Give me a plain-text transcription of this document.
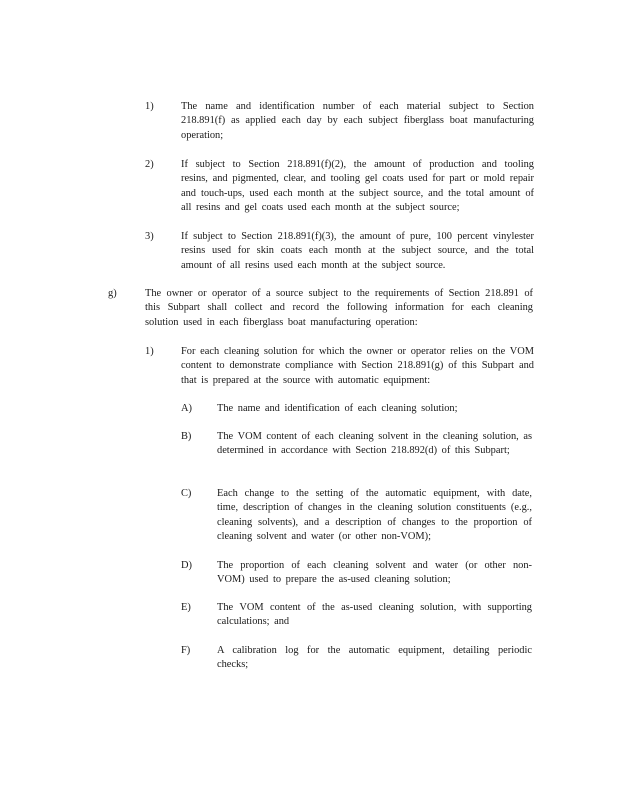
1)	The name and identification number of each material subject to Section 218.891(f) as applied each day by each subject fiberglass boat manufacturing operation;
2)	If subject to Section 218.891(f)(2), the amount of production and tooling resins, and pigmented, clear, and tooling gel coats used for part or mold repair and touch-ups, used each month at the subject source, and the total amount of all resins and gel coats used each month at the subject source;
3)	If subject to Section 218.891(f)(3), the amount of pure, 100 percent vinylester resins used for skin coats each month at the subject source, and the total amount of all resins used each month at the subject source.
g)	The owner or operator of a source subject to the requirements of Section 218.891 of this Subpart shall collect and record the following information for each cleaning solution used in each fiberglass boat manufacturing operation:
1)	For each cleaning solution for which the owner or operator relies on the VOM content to demonstrate compliance with Section 218.891(g) of this Subpart and that is prepared at the source with automatic equipment:
A) The name and identification of each cleaning solution;
B) The VOM content of each cleaning solvent in the cleaning solution, as determined in accordance with Section 218.892(d) of this Subpart;
C) Each change to the setting of the automatic equipment, with date, time, description of changes in the cleaning solution constituents (e.g., cleaning solvents), and a description of changes to the proportion of cleaning solvent and water (or other non-VOM);
D) The proportion of each cleaning solvent and water (or other non-VOM) used to prepare the as-used cleaning solution;
E)	The VOM content of the as-used cleaning solution, with supporting calculations; and
F)	A calibration log for the automatic equipment, detailing periodic checks;
